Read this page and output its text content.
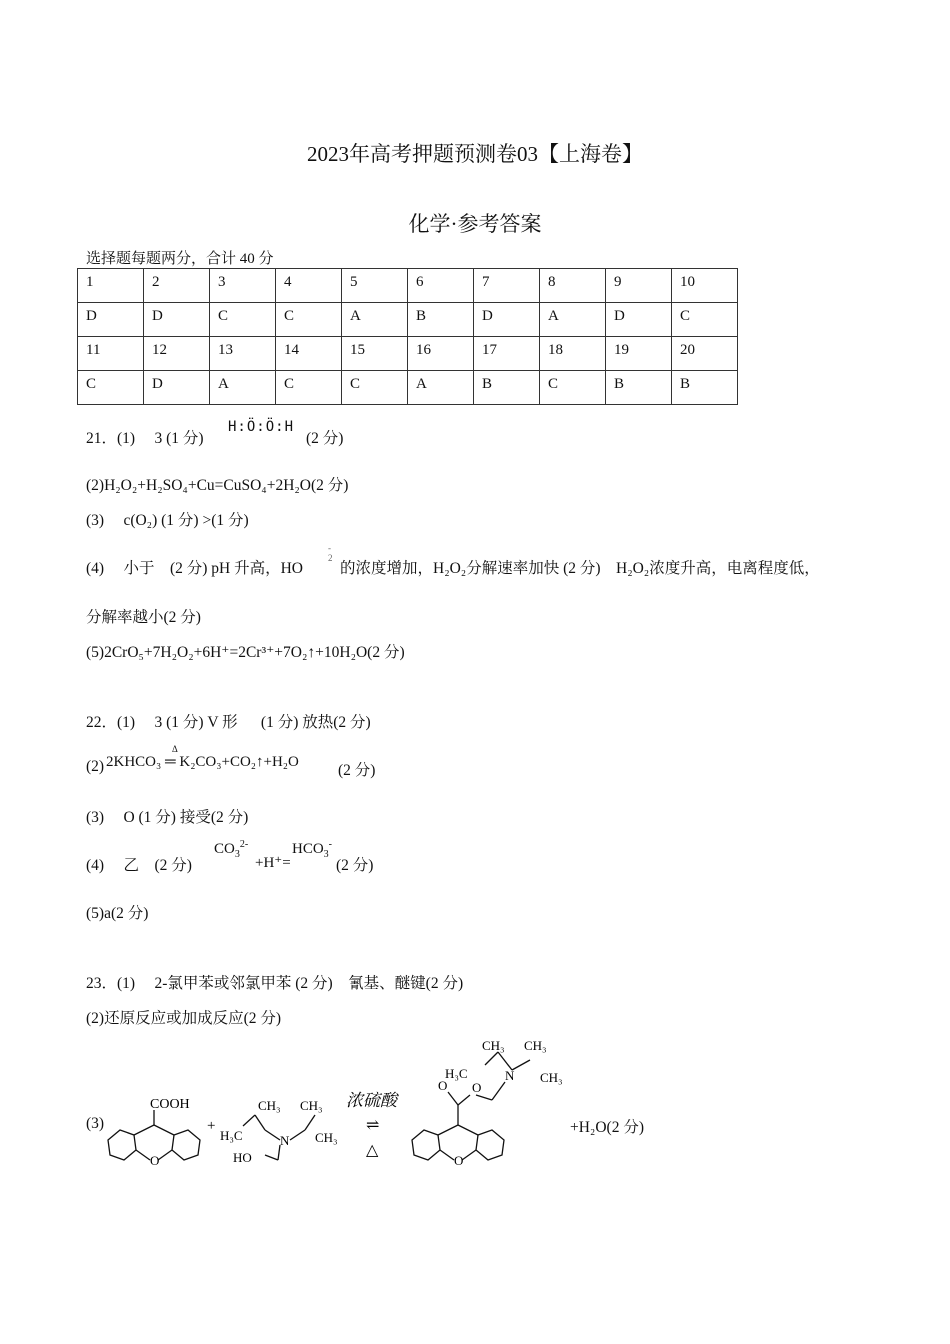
2023年高考押题预测卷03【上海卷】
化学·参考答案
选择题每题两分，合计 40 分
1	2	3	4	5	6	7	8	9	10
D	D	C	C	A	B	D	A	D	C
11	12	13	14	15	16	17	18	19	20
C	D	A	C	C	A	B	C	B	B
21．(1)　 3 (1 分)
H:Ö:Ö:H
(2 分)
(2)H₂O₂+H₂SO₄+Cu=CuSO₄+2H₂O(2 分)
(3)　 c(O₂) (1 分) >(1 分)
(4)　 小于　(2 分) pH 升高，HO
-
2
的浓度增加，H₂O₂分解速率加快 (2 分)　H₂O₂浓度升高，电离程度低，
分解率越小(2 分)
(5)2CrO₅+7H₂O₂+6H⁺=2Cr³⁺+7O₂↑+10H₂O(2 分)
22．(1)　 3 (1 分) V 形 　 (1 分) 放热(2 分)
(2)
Δ
2KHCO₃ ═ K₂CO₃+CO₂↑+H₂O	(2 分)
(3)　 O (1 分) 接受(2 分)
(4)　 乙　(2 分)
$CO_3^{2-}$
+H⁺=
$HCO_3^-$
(2 分)
(5)a(2 分)
23．(1)　 2-氯甲苯或邻氯甲苯 (2 分)　氰基、醚键(2 分)
(2)还原反应或加成反应(2 分)
(3)	+H₂O(2 分)
COOH
O
+
CH₃ CH₃
H₃C	N CH₃
HO
浓硫酸
⇌
△
CH₃ CH₃
H₃C
O
N CH₃
O
O
